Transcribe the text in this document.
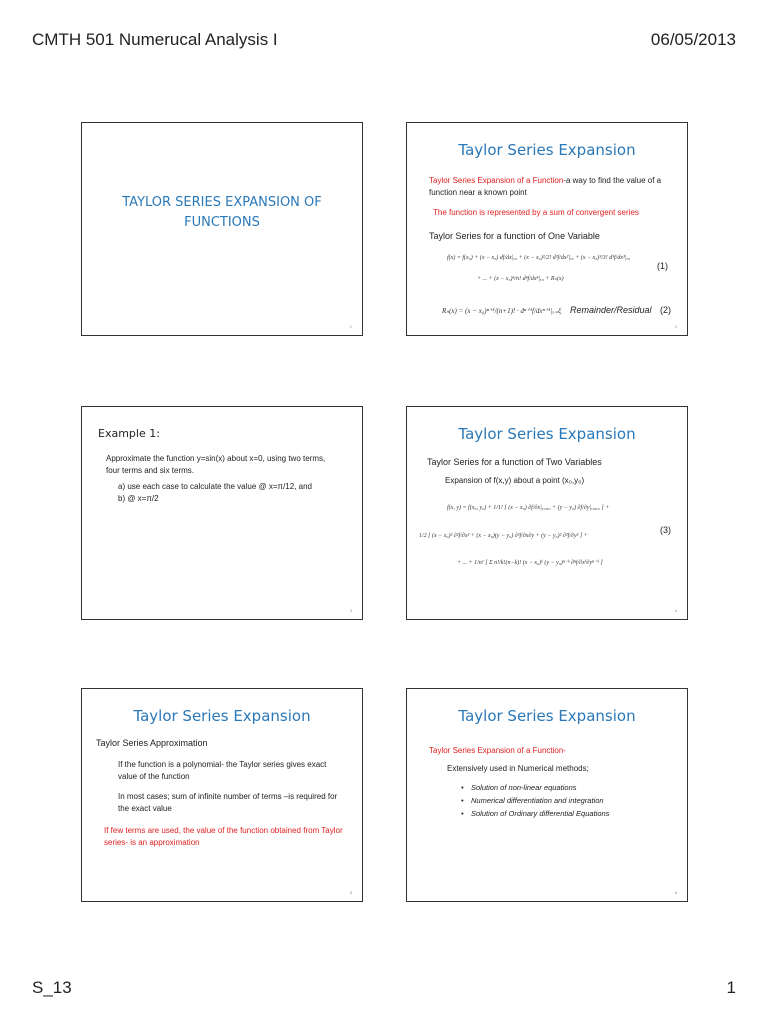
CMTH 501 Numerucal Analysis I	06/05/2013
TAYLOR SERIES EXPANSION OF
FUNCTIONS
1
Taylor Series Expansion
Taylor Series Expansion of a Function-a way to find the value of a function near a known point
The function is represented by a sum of convergent series
Taylor Series for a function of One Variable
f(x) = f(x₀) + (x − x₀) df/dx|ₓ₀ + (x − x₀)²/2! d²f/dx²|ₓ₀ + (x − x₀)³/3! d³f/dx³|ₓ₀
+ ... + (x − x₀)ⁿ/n! dⁿf/dxⁿ|ₓ₀ + Rₙ(x)
(1)
Rₙ(x) = (x − x₀)ⁿ⁺¹/(n+1)! · dⁿ⁺¹f/dxⁿ⁺¹|ₓ₌ξ Remainder/Residual (2)
2
Example 1:
Approximate the function y=sin(x) about x=0, using two terms, four terms and six terms.
a) use each case to calculate the value @ x=π/12, and
b) @ x=π/2
3
Taylor Series Expansion
Taylor Series for a function of Two Variables
Expansion of f(x,y) about a point (x₀,y₀)
f(x, y) = f(x₀, y₀) + 1/1! [ (x − x₀) ∂f/∂x|ₓ₀,ᵧ₀ + (y − y₀) ∂f/∂y|ₓ₀,ᵧ₀ ] +
1/2 [ (x − x₀)² ∂²f/∂x² + (x − x₀)(y − y₀) ∂²f/∂x∂y + (y − y₀)² ∂²f/∂y² ] +
+ ... + 1/n! [ Σ n!/k!(n−k)! (x − x₀)ᵏ (y − y₀)ⁿ⁻ᵏ ∂ⁿf/∂xᵏ∂yⁿ⁻ᵏ ]
(3)
4
Taylor Series Expansion
Taylor Series Approximation
If the function is a polynomial- the Taylor series gives exact value of the function
In most cases; sum of infinite number of terms –is required for the exact value
If few terms are used, the value of the function obtained from Taylor series- is an approximation
5
Taylor Series Expansion
Taylor Series Expansion of a Function-
Extensively used in Numerical methods;
• Solution of non-linear equations
• Numerical differentiation and integration
• Solution of Ordinary differential Equations
6
S_13	1
